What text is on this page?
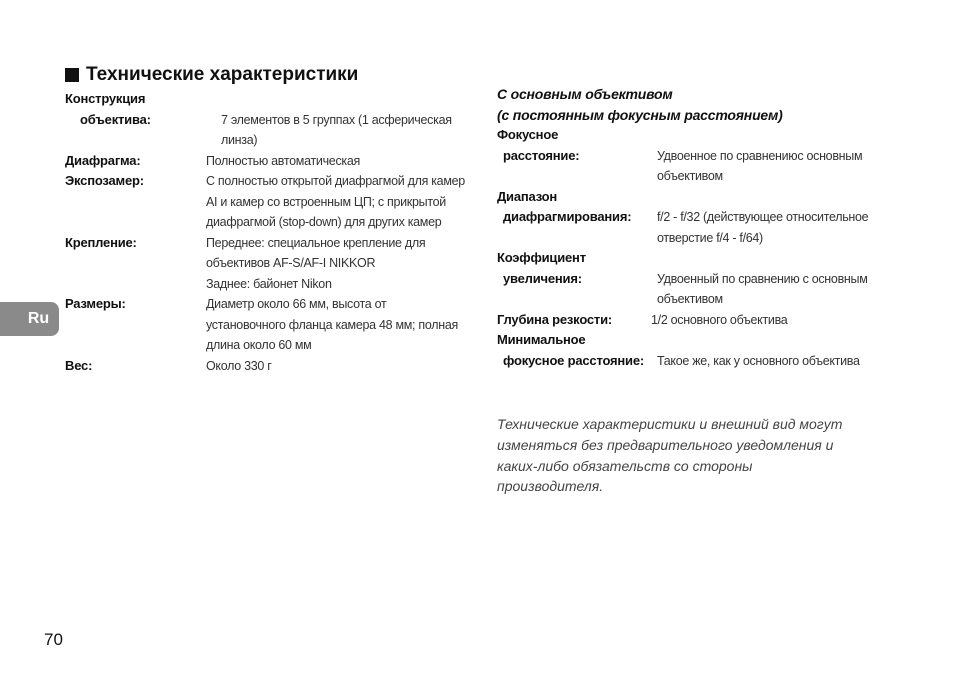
Технические характеристики
Конструкция
объектива:	7 элементов в 5 группах (1 асферическая
линза)
Диафрагма:	Полностью автоматическая
Экспозамер:	С полностью открытой диафрагмой для камер
AI и камер со встроенным ЦП; с прикрытой
диафрагмой (stop-down) для других камер
Крепление:	Переднее: специальное крепление для
объективов AF-S/AF-I NIKKOR
Заднее: байонет Nikon
Размеры:	Диаметр около 66 мм, высота от
установочного фланца камера 48 мм; полная
длина около 60 мм
Вес:	Около 330 г
С основным объективом
(с постоянным фокусным расстоянием)
Фокусное
расстояние:	Удвоенное по сравнениюс основным
объективом
Диапазон
диафрагмирования:	f/2 - f/32 (действующее относительное
отверстие f/4 - f/64)
Коэффициент
увеличения:	Удвоенный по сравнению с основным
объективом
Глубина резкости:	1/2 основного объектива
Минимальное
фокусное расстояние:	Такое же, как у основного объектива
Технические характеристики и внешний вид могут
изменяться без предварительного уведомления и
каких-либо обязательств со стороны
производителя.
Ru
70
